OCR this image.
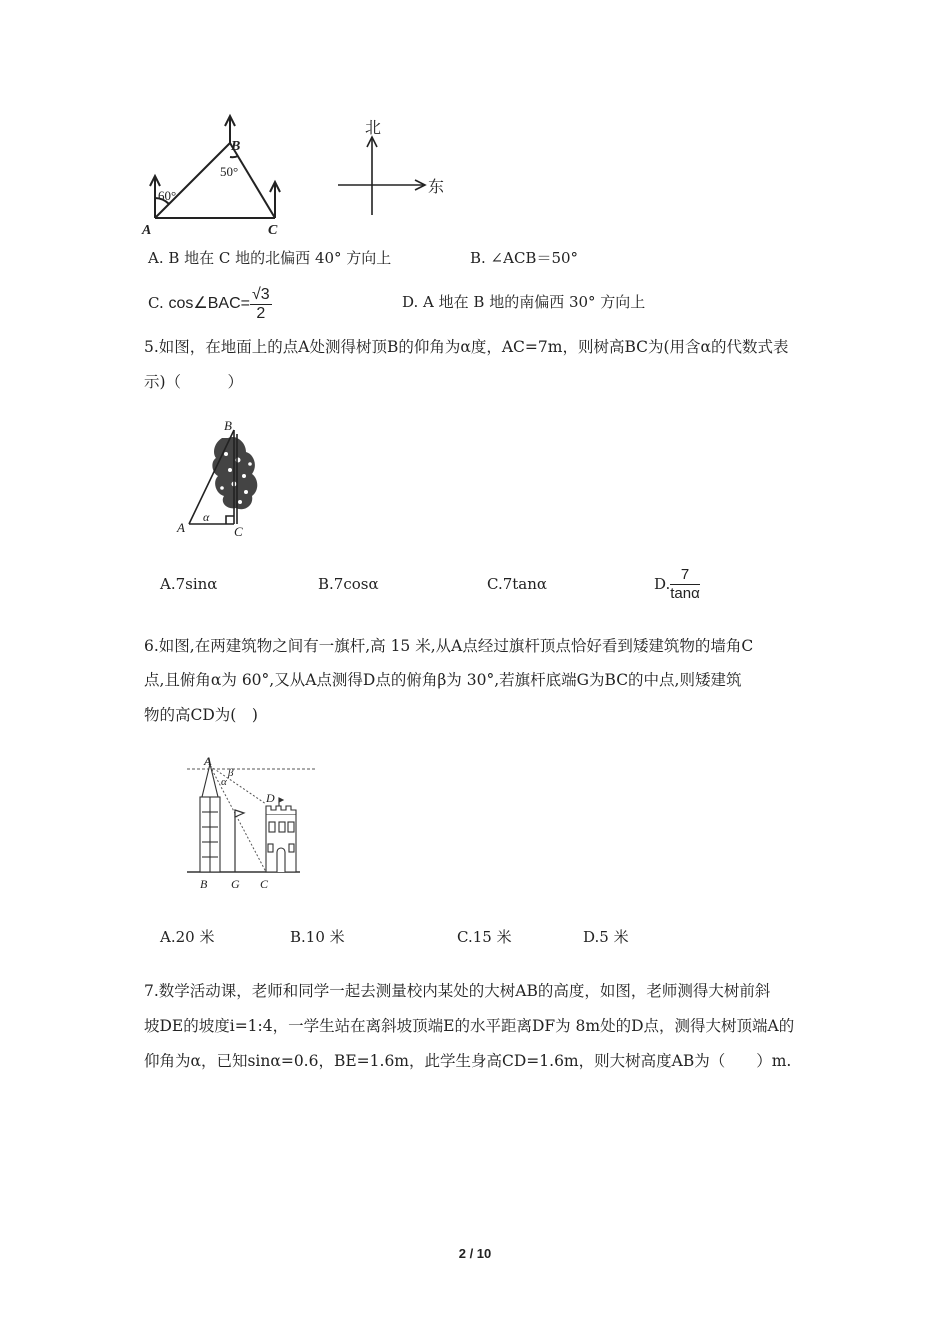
A
B
C
60°
50°
北
东
A. B 地在 C 地的北偏西 40° 方向上	B. ∠ACB＝50°
C. cos∠BAC= $\frac{√3}{2}$	D. A 地在 B 地的南偏西 30° 方向上
5.如图，在地面上的点A处测得树顶B的仰角为α度，AC=7m，则树高BC为(用含α的代数式表
示)（　　　）
B
A	C
α
A.7sinα	B.7cosα	C.7tanα	D. $\frac{7}{\tan\alpha}$
6.如图,在两建筑物之间有一旗杆,高 15 米,从A点经过旗杆顶点恰好看到矮建筑物的墙角C
点,且俯角α为 60°,又从A点测得D点的俯角β为 30°,若旗杆底端G为BC的中点,则矮建筑
物的高CD为(　)
A
β
α
D
B G C
A.20 米	B.10 米	C.15 米	D.5 米
7.数学活动课，老师和同学一起去测量校内某处的大树AB的高度，如图，老师测得大树前斜
坡DE的坡度i=1:4，一学生站在离斜坡顶端E的水平距离DF为 8m处的D点，测得大树顶端A的
仰角为α，已知sinα=0.6，BE=1.6m，此学生身高CD=1.6m，则大树高度AB为（　　）m.
2 / 10
